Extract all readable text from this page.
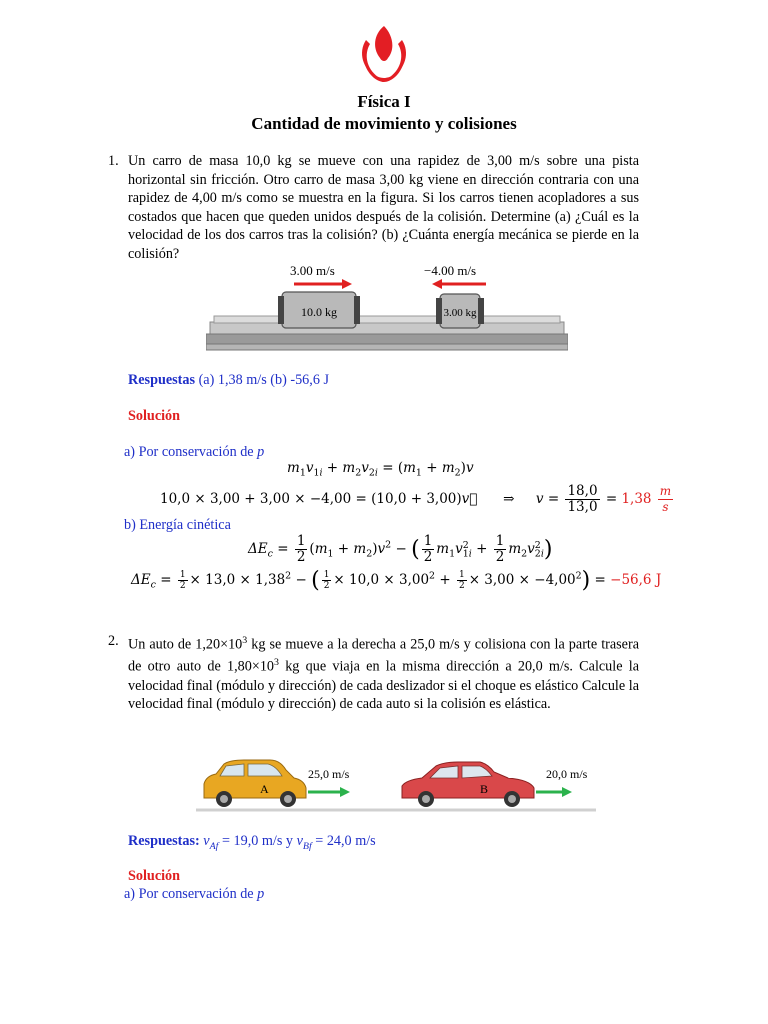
Física I
Cantidad de movimiento y colisiones
1. Un carro de masa 10,0 kg se mueve con una rapidez de 3,00 m/s sobre una pista horizontal sin fricción. Otro carro de masa 3,00 kg viene en dirección contraria con una rapidez de 4,00 m/s como se muestra en la figura. Si los carros tienen acopladores a sus costados que hacen que queden unidos después de la colisión. Determine (a) ¿Cuál es la velocidad de los dos carros tras la colisión? (b) ¿Cuánta energía mecánica se pierde en la colisión?
3.00 m/s	−4.00 m/s
10.0 kg	3.00 kg
Respuestas (a) 1,38 m/s (b) -56,6 J
Solución
a) Por conservación de p
$m_1v_{1i} + m_2v_{2i} = (m_1 + m_2)v$
10,0 × 3,00 + 3,00 × −4,00 = (10,0 + 3,00)v⃗      ⇒     $v = \frac{18,0}{13,0} = 1,38 \frac{m}{s}$
b) Energía cinética
$\Delta E_c = \frac{1}{2} (m_1 + m_2)v^2$ − ( $\frac{1}{2} m_1v^2_{1i} + \frac{1}{2} m_2v^2_{2i}$)
$\Delta E_c = \frac{1}{2} \times 13,0 \times 1,38^2$ − ( $\frac{1}{2} \times 10,0 \times 3,00^2 + \frac{1}{2} \times 3,00 \times -4,00^2) = -56,6$ J
2. Un auto de $1,20\times 10^3$ kg se mueve a la derecha a 25,0 m/s y colisiona con la parte trasera de otro auto de $1,80\times 10^3$ kg que viaja en la misma dirección a 20,0 m/s. Calcule la velocidad final (módulo y dirección) de cada deslizador si el choque es elástico Calcule la velocidad final (módulo y dirección) de cada auto si la colisión es elástica.
A
25,0 m/s
B
20,0 m/s
Respuestas: $v_{Af} = 19,0$ m/s y $v_{Bf} = 24,0$ m/s
Solución
a) Por conservación de p
